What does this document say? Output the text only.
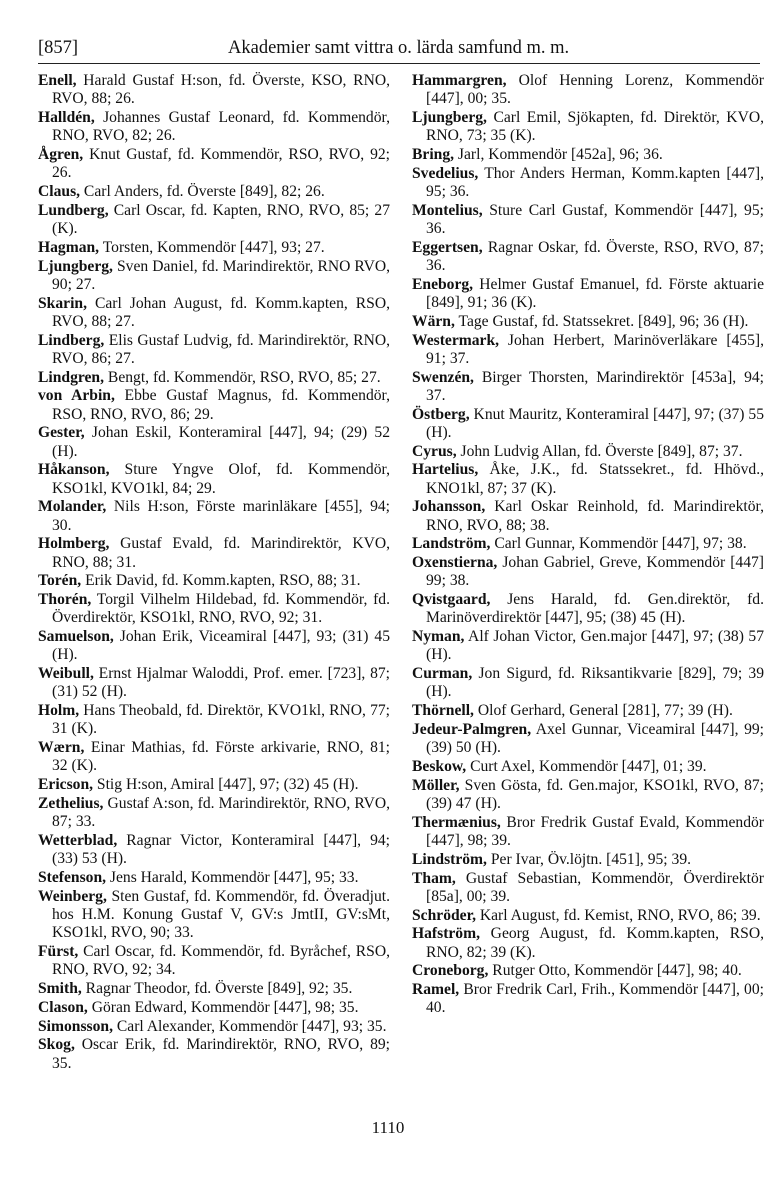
[857]	Akademier samt vittra o. lärda samfund m. m.
Enell, Harald Gustaf H:son, fd. Överste, KSO, RNO, RVO, 88; 26.
Halldén, Johannes Gustaf Leonard, fd. Kommendör, RNO, RVO, 82; 26.
Ågren, Knut Gustaf, fd. Kommendör, RSO, RVO, 92; 26.
Claus, Carl Anders, fd. Överste [849], 82; 26.
Lundberg, Carl Oscar, fd. Kapten, RNO, RVO, 85; 27 (K).
Hagman, Torsten, Kommendör [447], 93; 27.
Ljungberg, Sven Daniel, fd. Marindirektör, RNO RVO, 90; 27.
Skarin, Carl Johan August, fd. Komm.kapten, RSO, RVO, 88; 27.
Lindberg, Elis Gustaf Ludvig, fd. Marindirektör, RNO, RVO, 86; 27.
Lindgren, Bengt, fd. Kommendör, RSO, RVO, 85; 27.
von Arbin, Ebbe Gustaf Magnus, fd. Kommendör, RSO, RNO, RVO, 86; 29.
Gester, Johan Eskil, Konteramiral [447], 94; (29) 52 (H).
Håkanson, Sture Yngve Olof, fd. Kommendör, KSO1kl, KVO1kl, 84; 29.
Molander, Nils H:son, Förste marinläkare [455], 94; 30.
Holmberg, Gustaf Evald, fd. Marindirektör, KVO, RNO, 88; 31.
Torén, Erik David, fd. Komm.kapten, RSO, 88; 31.
Thorén, Torgil Vilhelm Hildebad, fd. Kommendör, fd. Överdirektör, KSO1kl, RNO, RVO, 92; 31.
Samuelson, Johan Erik, Viceamiral [447], 93; (31) 45 (H).
Weibull, Ernst Hjalmar Waloddi, Prof. emer. [723], 87; (31) 52 (H).
Holm, Hans Theobald, fd. Direktör, KVO1kl, RNO, 77; 31 (K).
Wærn, Einar Mathias, fd. Förste arkivarie, RNO, 81; 32 (K).
Ericson, Stig H:son, Amiral [447], 97; (32) 45 (H).
Zethelius, Gustaf A:son, fd. Marindirektör, RNO, RVO, 87; 33.
Wetterblad, Ragnar Victor, Konteramiral [447], 94; (33) 53 (H).
Stefenson, Jens Harald, Kommendör [447], 95; 33.
Weinberg, Sten Gustaf, fd. Kommendör, fd. Överadjut. hos H.M. Konung Gustaf V, GV:s JmtII, GV:sMt, KSO1kl, RVO, 90; 33.
Fürst, Carl Oscar, fd. Kommendör, fd. Byråchef, RSO, RNO, RVO, 92; 34.
Smith, Ragnar Theodor, fd. Överste [849], 92; 35.
Clason, Göran Edward, Kommendör [447], 98; 35.
Simonsson, Carl Alexander, Kommendör [447], 93; 35.
Skog, Oscar Erik, fd. Marindirektör, RNO, RVO, 89; 35.
Hammargren, Olof Henning Lorenz, Kommendör [447], 00; 35.
Ljungberg, Carl Emil, Sjökapten, fd. Direktör, KVO, RNO, 73; 35 (K).
Bring, Jarl, Kommendör [452a], 96; 36.
Svedelius, Thor Anders Herman, Komm.kapten [447], 95; 36.
Montelius, Sture Carl Gustaf, Kommendör [447], 95; 36.
Eggertsen, Ragnar Oskar, fd. Överste, RSO, RVO, 87; 36.
Eneborg, Helmer Gustaf Emanuel, fd. Förste aktuarie [849], 91; 36 (K).
Wärn, Tage Gustaf, fd. Statssekret. [849], 96; 36 (H).
Westermark, Johan Herbert, Marinöverläkare [455], 91; 37.
Swenzén, Birger Thorsten, Marindirektör [453a], 94; 37.
Östberg, Knut Mauritz, Konteramiral [447], 97; (37) 55 (H).
Cyrus, John Ludvig Allan, fd. Överste [849], 87; 37.
Hartelius, Åke, J.K., fd. Statssekret., fd. Hhövd., KNO1kl, 87; 37 (K).
Johansson, Karl Oskar Reinhold, fd. Marindirektör, RNO, RVO, 88; 38.
Landström, Carl Gunnar, Kommendör [447], 97; 38.
Oxenstierna, Johan Gabriel, Greve, Kommendör [447] 99; 38.
Qvistgaard, Jens Harald, fd. Gen.direktör, fd. Marinöverdirektör [447], 95; (38) 45 (H).
Nyman, Alf Johan Victor, Gen.major [447], 97; (38) 57 (H).
Curman, Jon Sigurd, fd. Riksantikvarie [829], 79; 39 (H).
Thörnell, Olof Gerhard, General [281], 77; 39 (H).
Jedeur-Palmgren, Axel Gunnar, Viceamiral [447], 99; (39) 50 (H).
Beskow, Curt Axel, Kommendör [447], 01; 39.
Möller, Sven Gösta, fd. Gen.major, KSO1kl, RVO, 87; (39) 47 (H).
Thermænius, Bror Fredrik Gustaf Evald, Kommendör [447], 98; 39.
Lindström, Per Ivar, Öv.löjtn. [451], 95; 39.
Tham, Gustaf Sebastian, Kommendör, Överdirektör [85a], 00; 39.
Schröder, Karl August, fd. Kemist, RNO, RVO, 86; 39.
Hafström, Georg August, fd. Komm.kapten, RSO, RNO, 82; 39 (K).
Croneborg, Rutger Otto, Kommendör [447], 98; 40.
Ramel, Bror Fredrik Carl, Frih., Kommendör [447], 00; 40.
1110
